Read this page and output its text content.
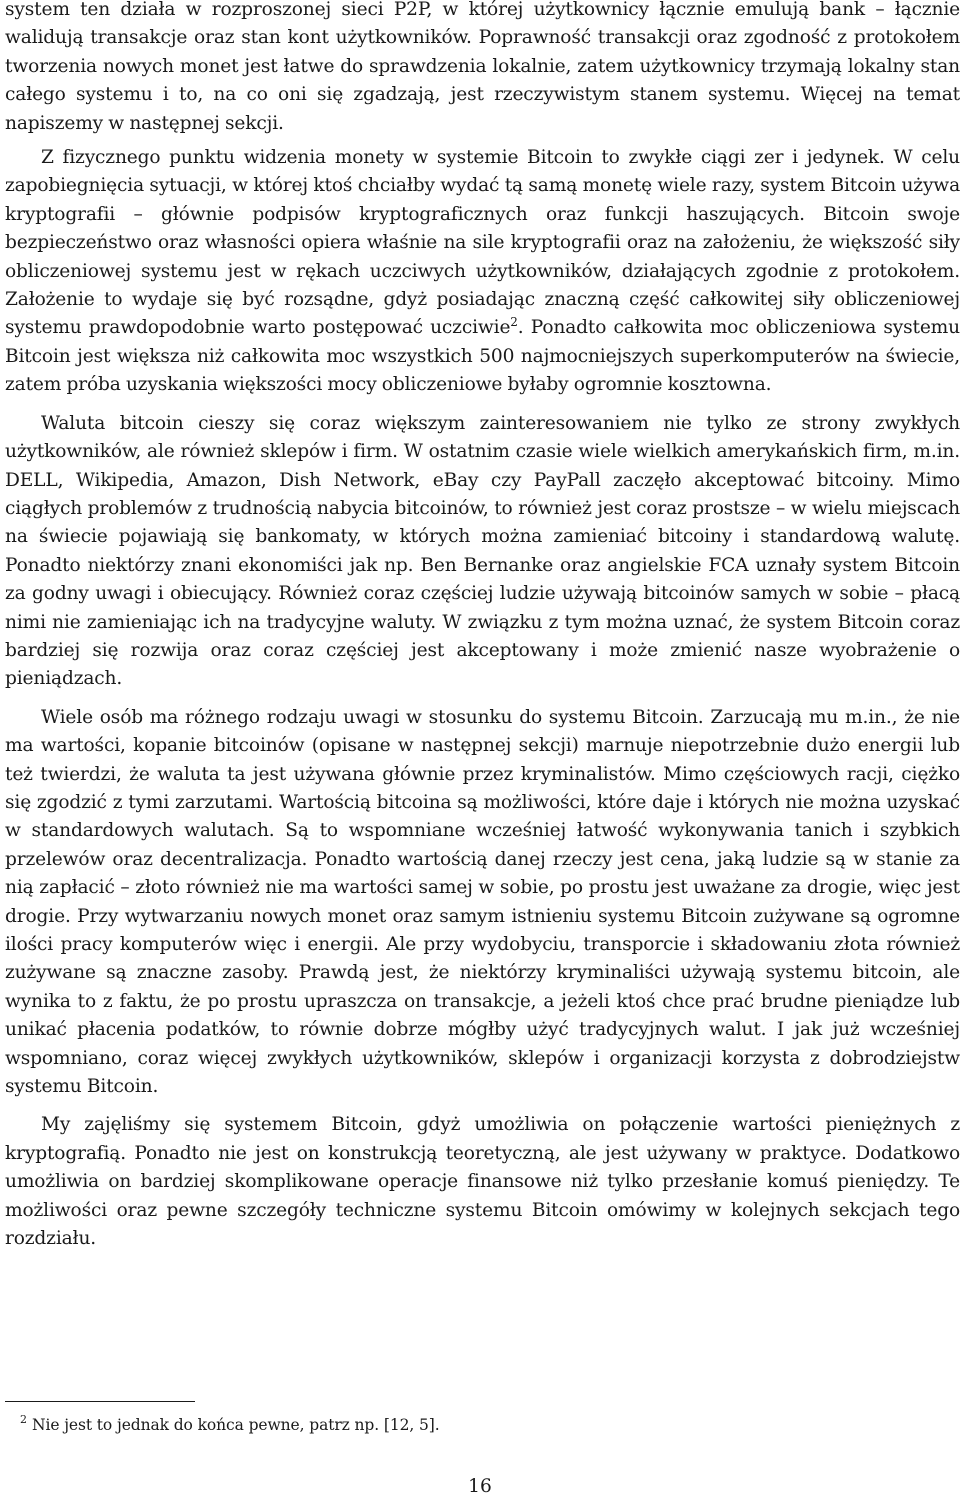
system ten działa w rozproszonej sieci P2P, w której użytkownicy łącznie emulują bank – łącznie walidują transakcje oraz stan kont użytkowników. Poprawność transakcji oraz zgodność z protokołem tworzenia nowych monet jest łatwe do sprawdzenia lokalnie, zatem użytkownicy trzymają lokalny stan całego systemu i to, na co oni się zgadzają, jest rzeczywistym stanem systemu. Więcej na temat napiszemy w następnej sekcji.

Z fizycznego punktu widzenia monety w systemie Bitcoin to zwykłe ciągi zer i jedynek. W celu zapobiegnięcia sytuacji, w której ktoś chciałby wydać tą samą monetę wiele razy, system Bitcoin używa kryptografii – głównie podpisów kryptograficznych oraz funkcji haszujących. Bitcoin swoje bezpieczeństwo oraz własności opiera właśnie na sile kryptografii oraz na założeniu, że większość siły obliczeniowej systemu jest w rękach uczciwych użytkowników, działających zgodnie z protokołem. Założenie to wydaje się być rozsądne, gdyż posiadając znaczną część całkowitej siły obliczeniowej systemu prawdopodobnie warto postępować uczciwie$^2$. Ponadto całkowita moc obliczeniowa systemu Bitcoin jest większa niż całkowita moc wszystkich 500 najmocniejszych superkomputerów na świecie, zatem próba uzyskania większości mocy obliczeniowe byłaby ogromnie kosztowna.

Waluta bitcoin cieszy się coraz większym zainteresowaniem nie tylko ze strony zwykłych użytkowników, ale również sklepów i firm. W ostatnim czasie wiele wielkich amerykańskich firm, m.in. DELL, Wikipedia, Amazon, Dish Network, eBay czy PayPall zaczęło akceptować bitcoiny. Mimo ciągłych problemów z trudnością nabycia bitcoinów, to również jest coraz prostsze – w wielu miejscach na świecie pojawiają się bankomaty, w których można zamieniać bitcoiny i standardową walutę. Ponadto niektórzy znani ekonomiści jak np. Ben Bernanke oraz angielskie FCA uznały system Bitcoin za godny uwagi i obiecujący. Również coraz częściej ludzie używają bitcoinów samych w sobie – płacą nimi nie zamieniając ich na tradycyjne waluty. W związku z tym można uznać, że system Bitcoin coraz bardziej się rozwija oraz coraz częściej jest akceptowany i może zmienić nasze wyobrażenie o pieniądzach.

Wiele osób ma różnego rodzaju uwagi w stosunku do systemu Bitcoin. Zarzucają mu m.in., że nie ma wartości, kopanie bitcoinów (opisane w następnej sekcji) marnuje niepotrzebnie dużo energii lub też twierdzi, że waluta ta jest używana głównie przez kryminalistów. Mimo częściowych racji, ciężko się zgodzić z tymi zarzutami. Wartością bitcoina są możliwości, które daje i których nie można uzyskać w standardowych walutach. Są to wspomniane wcześniej łatwość wykonywania tanich i szybkich przelewów oraz decentralizacja. Ponadto wartością danej rzeczy jest cena, jaką ludzie są w stanie za nią zapłacić – złoto również nie ma wartości samej w sobie, po prostu jest uważane za drogie, więc jest drogie. Przy wytwarzaniu nowych monet oraz samym istnieniu systemu Bitcoin zużywane są ogromne ilości pracy komputerów więc i energii. Ale przy wydobyciu, transporcie i składowaniu złota również zużywane są znaczne zasoby. Prawdą jest, że niektórzy kryminaliści używają systemu bitcoin, ale wynika to z faktu, że po prostu upraszcza on transakcje, a jeżeli ktoś chce prać brudne pieniądze lub unikać płacenia podatków, to równie dobrze mógłby użyć tradycyjnych walut. I jak już wcześniej wspomniano, coraz więcej zwykłych użytkowników, sklepów i organizacji korzysta z dobrodziejstw systemu Bitcoin.

My zajęliśmy się systemem Bitcoin, gdyż umożliwia on połączenie wartości pieniężnych z kryptografią. Ponadto nie jest on konstrukcją teoretyczną, ale jest używany w praktyce. Dodatkowo umożliwia on bardziej skomplikowane operacje finansowe niż tylko przesłanie komuś pieniędzy. Te możliwości oraz pewne szczegóły techniczne systemu Bitcoin omówimy w kolejnych sekcjach tego rozdziału.

2 Nie jest to jednak do końca pewne, patrz np. [12, 5].
16
